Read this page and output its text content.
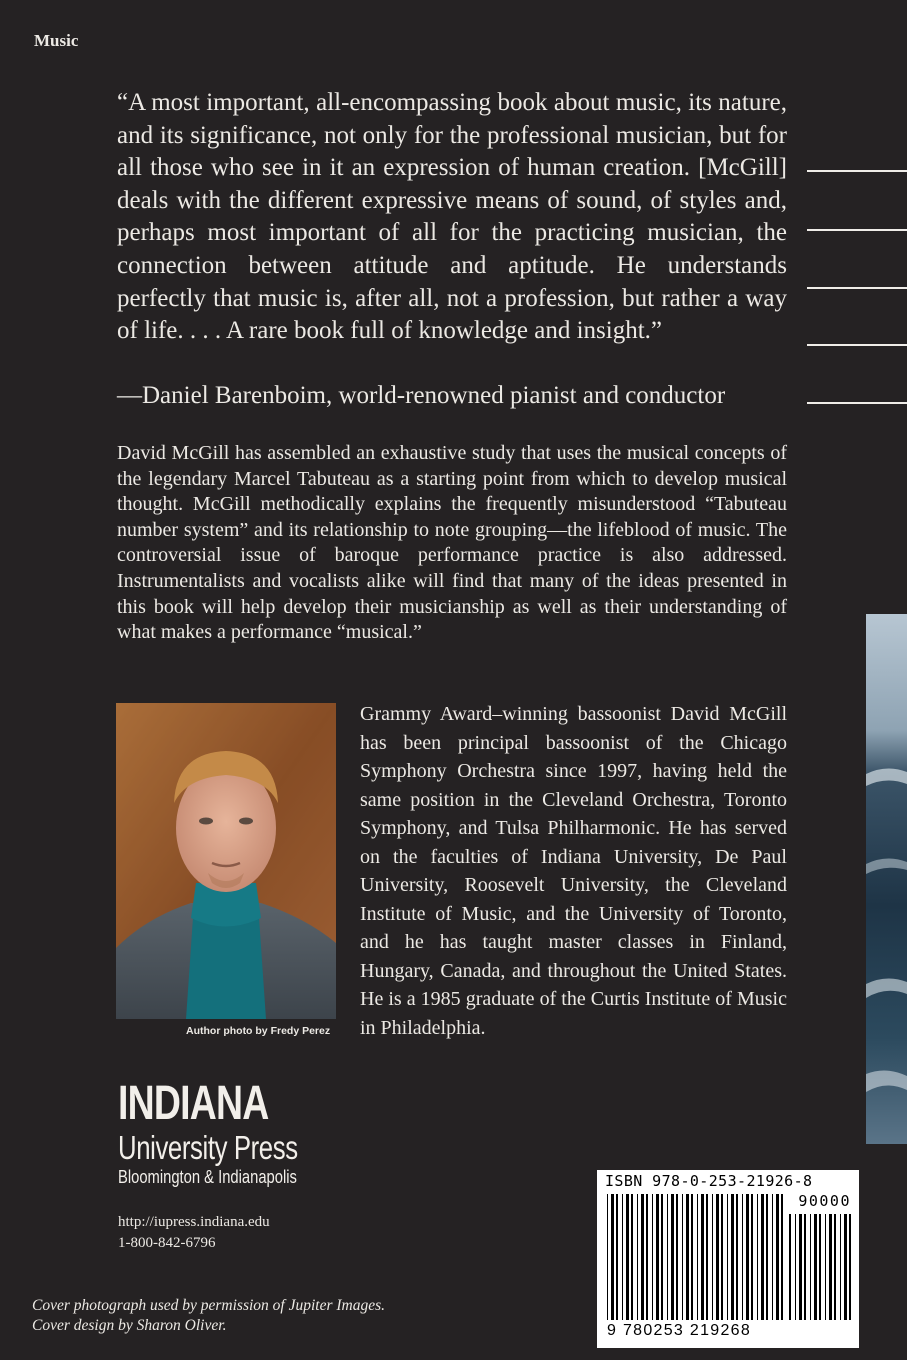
Music
“A most important, all-encompassing book about music, its nature, and its significance, not only for the professional musician, but for all those who see in it an expression of human creation. [McGill] deals with the different expressive means of sound, of styles and, perhaps most important of all for the practicing musician, the connection between attitude and aptitude. He understands perfectly that music is, after all, not a profession, but rather a way of life. . . . A rare book full of knowledge and insight.”
—Daniel Barenboim, world-renowned pianist and conductor
David McGill has assembled an exhaustive study that uses the musical concepts of the legendary Marcel Tabuteau as a starting point from which to develop musical thought. McGill methodically explains the frequently misunderstood “Tabuteau number system” and its relationship to note grouping—the lifeblood of music. The controversial issue of baroque performance practice is also addressed. Instrumentalists and vocalists alike will find that many of the ideas presented in this book will help develop their musicianship as well as their understanding of what makes a performance “musical.”
Author photo by Fredy Perez
Grammy Award–winning bassoonist David McGill has been principal bassoonist of the Chicago Symphony Orchestra since 1997, having held the same position in the Cleveland Orchestra, Toronto Symphony, and Tulsa Philharmonic. He has served on the faculties of Indiana University, De Paul University, Roosevelt University, the Cleveland Institute of Music, and the University of Toronto, and he has taught master classes in Finland, Hungary, Canada, and throughout the United States. He is a 1985 graduate of the Curtis Institute of Music in Philadelphia.
INDIANA
University Press
Bloomington & Indianapolis
http://iupress.indiana.edu
1-800-842-6796
Cover photograph used by permission of Jupiter Images.
Cover design by Sharon Oliver.
ISBN 978-0-253-21926-8
90000
9 780253 219268
